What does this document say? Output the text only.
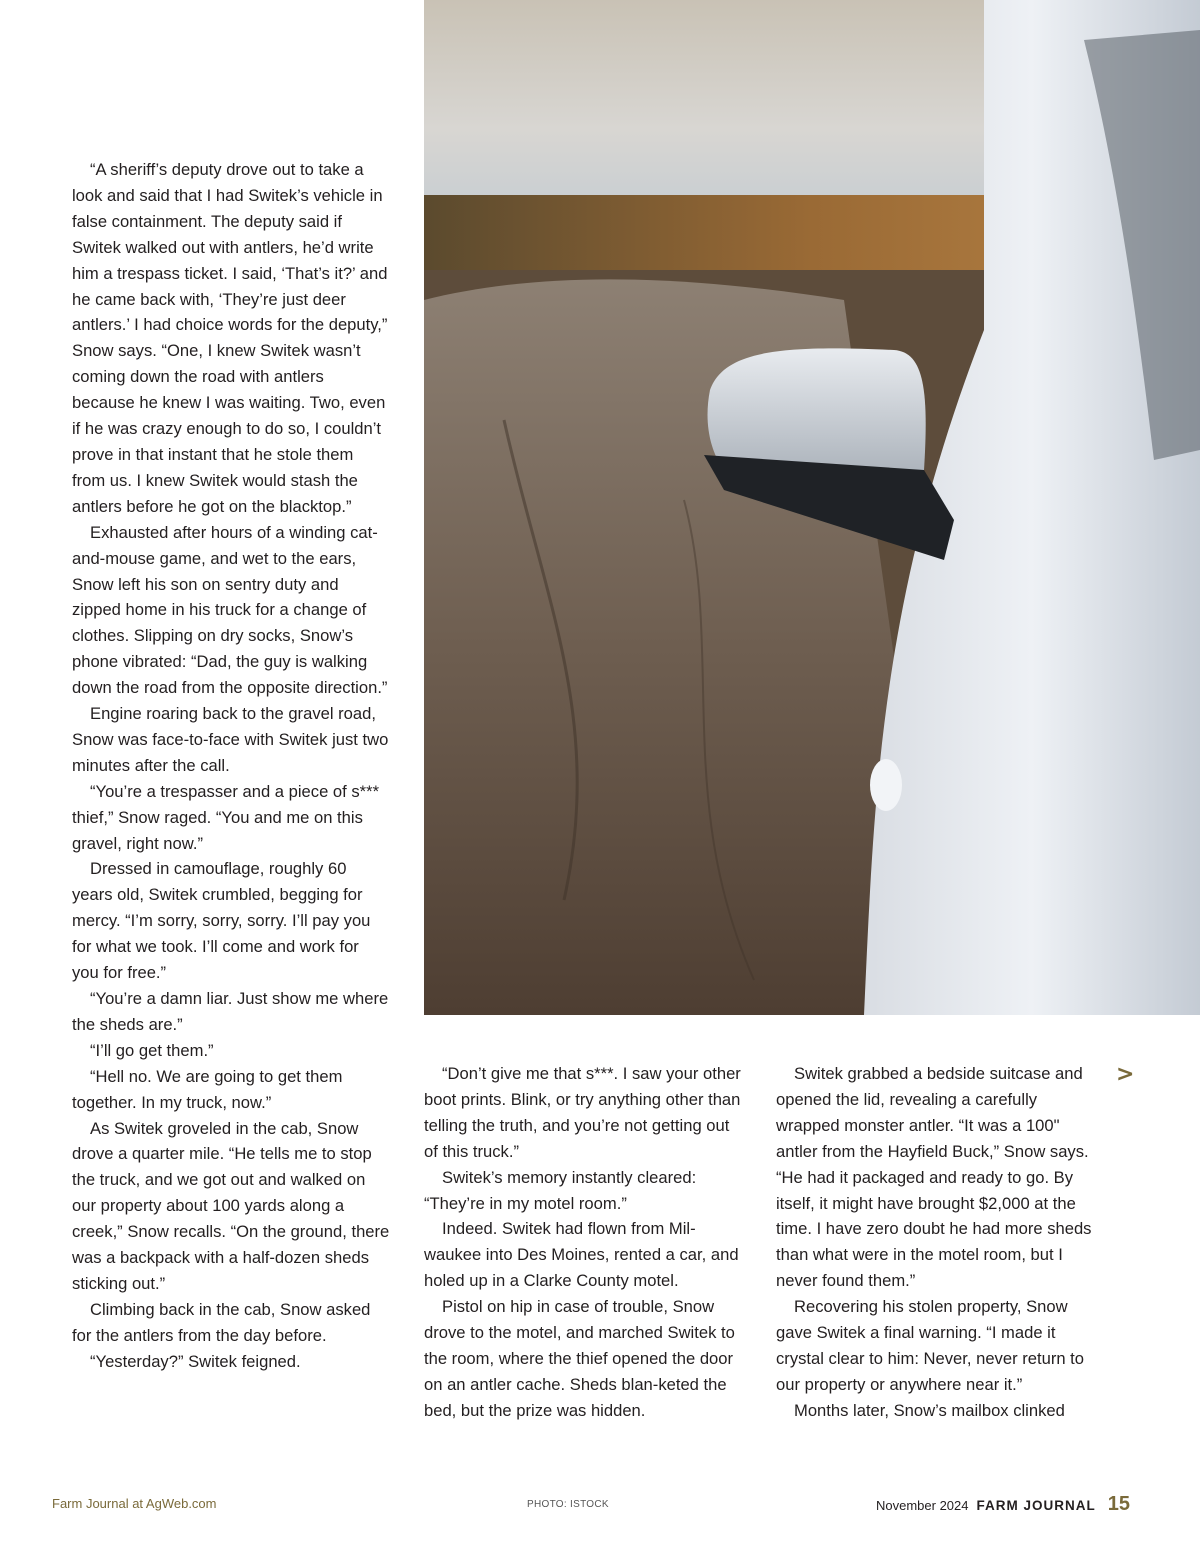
“A sheriff’s deputy drove out to take a look and said that I had Switek’s vehicle in false containment. The deputy said if Switek walked out with antlers, he’d write him a trespass ticket. I said, ‘That’s it?’ and he came back with, ‘They’re just deer antlers.’ I had choice words for the deputy,” Snow says. “One, I knew Switek wasn’t coming down the road with antlers because he knew I was waiting. Two, even if he was crazy enough to do so, I couldn’t prove in that instant that he stole them from us. I knew Switek would stash the antlers before he got on the blacktop.”

Exhausted after hours of a winding cat-and-mouse game, and wet to the ears, Snow left his son on sentry duty and zipped home in his truck for a change of clothes. Slipping on dry socks, Snow’s phone vibrated: “Dad, the guy is walking down the road from the opposite direction.”

Engine roaring back to the gravel road, Snow was face-to-face with Switek just two minutes after the call.

“You’re a trespasser and a piece of s*** thief,” Snow raged. “You and me on this gravel, right now.”

Dressed in camouflage, roughly 60 years old, Switek crumbled, begging for mercy. “I’m sorry, sorry, sorry. I’ll pay you for what we took. I’ll come and work for you for free.”

“You’re a damn liar. Just show me where the sheds are.”

“I’ll go get them.”

“Hell no. We are going to get them together. In my truck, now.”

As Switek groveled in the cab, Snow drove a quarter mile. “He tells me to stop the truck, and we got out and walked on our property about 100 yards along a creek,” Snow recalls. “On the ground, there was a backpack with a half-dozen sheds sticking out.”

Climbing back in the cab, Snow asked for the antlers from the day before.

“Yesterday?” Switek feigned.

“Don’t give me that s***. I saw your other boot prints. Blink, or try anything other than telling the truth, and you’re not getting out of this truck.”

Switek’s memory instantly cleared: “They’re in my motel room.”

Indeed. Switek had flown from Mil-waukee into Des Moines, rented a car, and holed up in a Clarke County motel.

Pistol on hip in case of trouble, Snow drove to the motel, and marched Switek to the room, where the thief opened the door on an antler cache. Sheds blan-keted the bed, but the prize was hidden.

Switek grabbed a bedside suitcase and opened the lid, revealing a carefully wrapped monster antler. “It was a 100" antler from the Hayfield Buck,” Snow says. “He had it packaged and ready to go. By itself, it might have brought $2,000 at the time. I have zero doubt he had more sheds than what were in the motel room, but I never found them.”

Recovering his stolen property, Snow gave Switek a final warning. “I made it crystal clear to him: Never, never return to our property or anywhere near it.”

Months later, Snow’s mailbox clinked

>
Farm Journal at AgWeb.com	PHOTO: ISTOCK	November 2024 FARM JOURNAL 15
